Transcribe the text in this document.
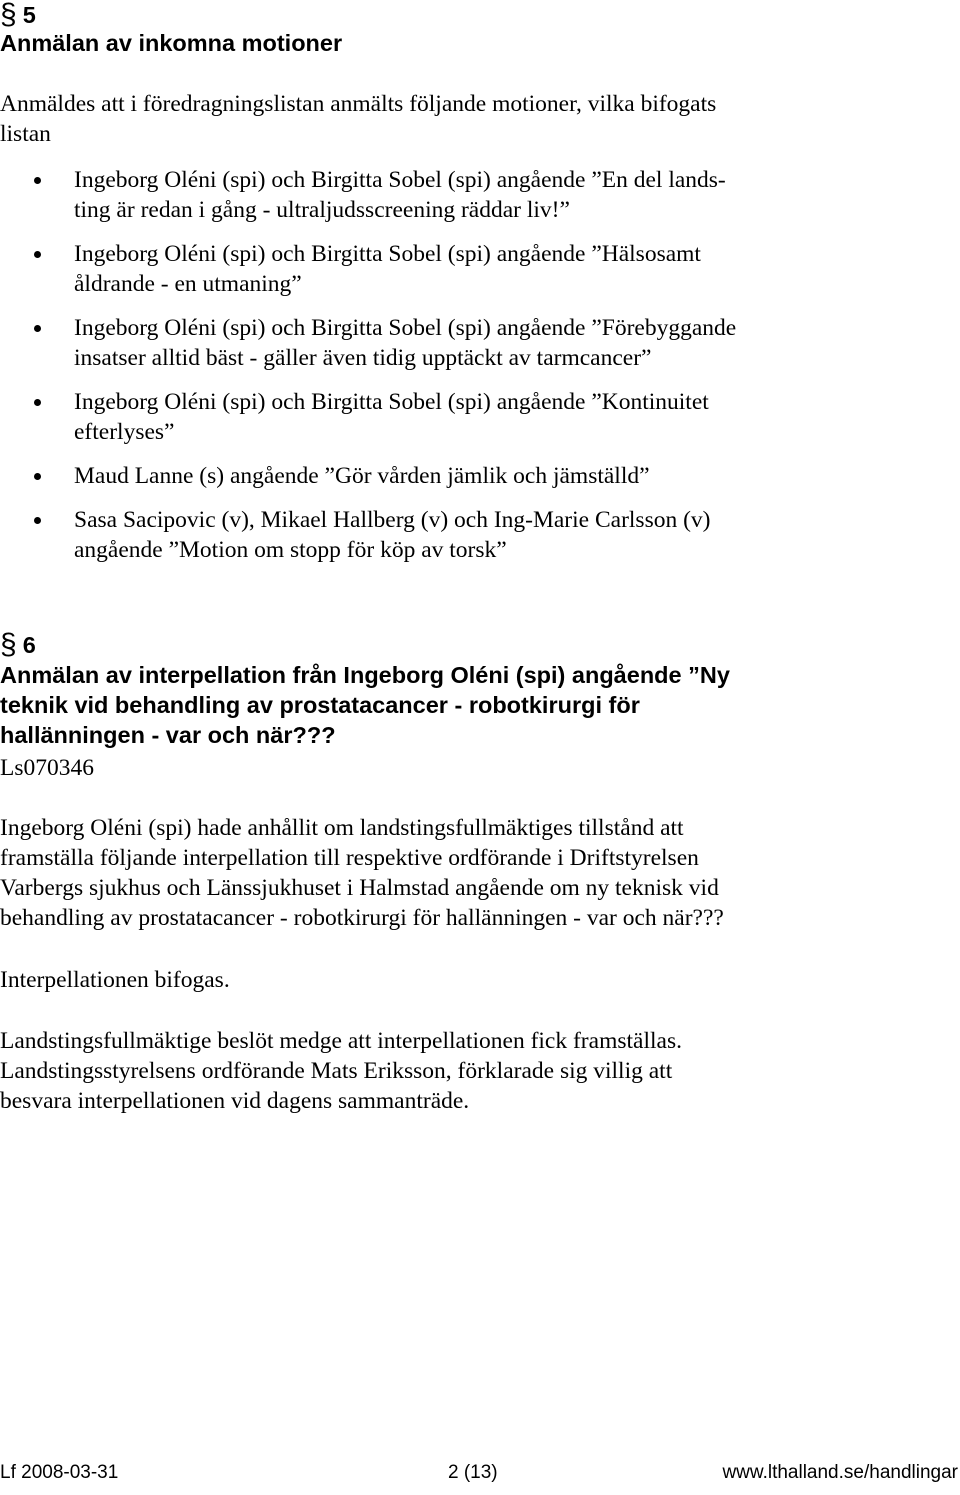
§ 5
Anmälan av inkomna motioner
Anmäldes att i föredragningslistan anmälts följande motioner, vilka bifogats
listan
Ingeborg Oléni (spi) och Birgitta Sobel (spi) angående ”En del lands-
ting är redan i gång - ultraljudsscreening räddar liv!”
Ingeborg Oléni (spi) och Birgitta Sobel (spi) angående ”Hälsosamt
åldrande - en utmaning”
Ingeborg Oléni (spi) och Birgitta Sobel (spi) angående ”Förebyggande
insatser alltid bäst - gäller även tidig upptäckt av tarmcancer”
Ingeborg Oléni (spi) och Birgitta Sobel (spi) angående ”Kontinuitet
efterlyses”
Maud Lanne (s) angående ”Gör vården jämlik och jämställd”
Sasa Sacipovic (v), Mikael Hallberg (v) och Ing-Marie Carlsson (v)
angående ”Motion om stopp för köp av torsk”
§ 6
Anmälan av interpellation från Ingeborg Oléni (spi) angående ”Ny
teknik vid behandling av prostatacancer - robotkirurgi för
hallänningen - var och när???
Ls070346
Ingeborg Oléni (spi) hade anhållit om landstingsfullmäktiges tillstånd att
framställa följande interpellation till respektive ordförande i Driftstyrelsen
Varbergs sjukhus och Länssjukhuset i Halmstad angående om ny teknisk vid
behandling av prostatacancer - robotkirurgi för hallänningen - var och när???
Interpellationen bifogas.
Landstingsfullmäktige beslöt medge att interpellationen fick framställas.
Landstingsstyrelsens ordförande Mats Eriksson, förklarade sig villig att
besvara interpellationen vid dagens sammanträde.
Lf 2008-03-31	2 (13)	www.lthalland.se/handlingar
